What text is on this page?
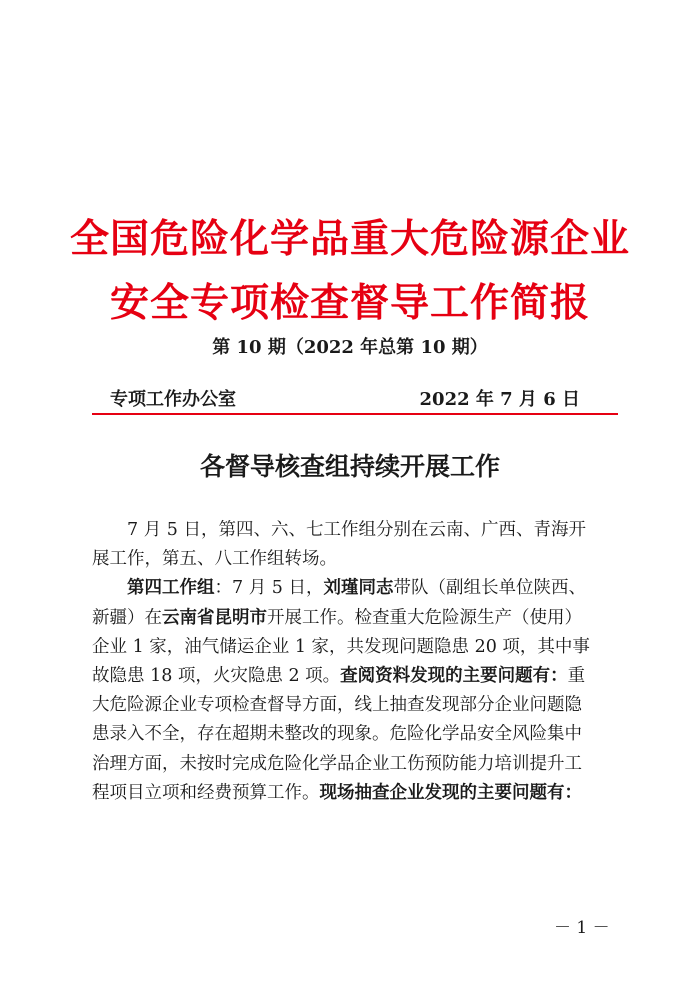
全国危险化学品重大危险源企业
安全专项检查督导工作简报
第 10 期（2022 年总第 10 期）
专项工作办公室	2022 年 7 月 6 日
各督导核查组持续开展工作
　　7 月 5 日，第四、六、七工作组分别在云南、广西、青海开
展工作，第五、八工作组转场。
　　第四工作组：7 月 5 日，刘瑾同志带队（副组长单位陕西、
新疆）在云南省昆明市开展工作。检查重大危险源生产（使用）
企业 1 家，油气储运企业 1 家，共发现问题隐患 20 项，其中事
故隐患 18 项，火灾隐患 2 项。查阅资料发现的主要问题有：重
大危险源企业专项检查督导方面，线上抽查发现部分企业问题隐
患录入不全，存在超期未整改的现象。危险化学品安全风险集中
治理方面，未按时完成危险化学品企业工伤预防能力培训提升工
程项目立项和经费预算工作。现场抽查企业发现的主要问题有：
－ 1 －
